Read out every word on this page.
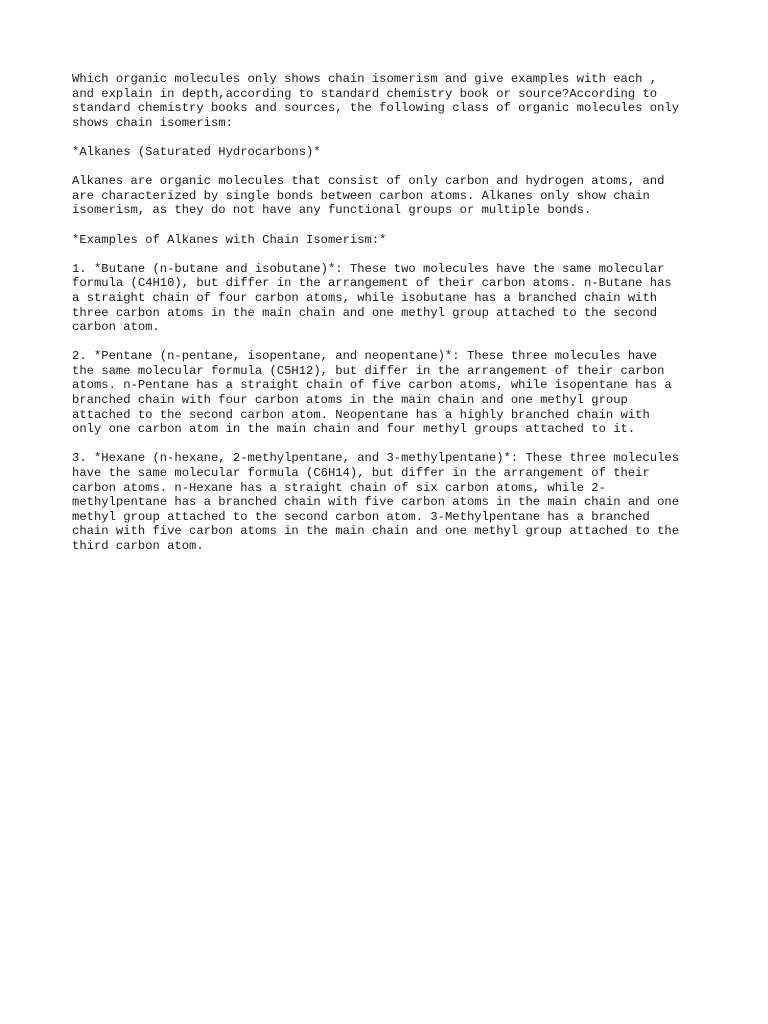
Which organic molecules only shows chain isomerism and give examples with each ,
and explain in depth,according to standard chemistry book or source?According to
standard chemistry books and sources, the following class of organic molecules only
shows chain isomerism:

*Alkanes (Saturated Hydrocarbons)*

Alkanes are organic molecules that consist of only carbon and hydrogen atoms, and
are characterized by single bonds between carbon atoms. Alkanes only show chain
isomerism, as they do not have any functional groups or multiple bonds.

*Examples of Alkanes with Chain Isomerism:*

1. *Butane (n-butane and isobutane)*: These two molecules have the same molecular
formula (C4H10), but differ in the arrangement of their carbon atoms. n-Butane has
a straight chain of four carbon atoms, while isobutane has a branched chain with
three carbon atoms in the main chain and one methyl group attached to the second
carbon atom.

2. *Pentane (n-pentane, isopentane, and neopentane)*: These three molecules have
the same molecular formula (C5H12), but differ in the arrangement of their carbon
atoms. n-Pentane has a straight chain of five carbon atoms, while isopentane has a
branched chain with four carbon atoms in the main chain and one methyl group
attached to the second carbon atom. Neopentane has a highly branched chain with
only one carbon atom in the main chain and four methyl groups attached to it.

3. *Hexane (n-hexane, 2-methylpentane, and 3-methylpentane)*: These three molecules
have the same molecular formula (C6H14), but differ in the arrangement of their
carbon atoms. n-Hexane has a straight chain of six carbon atoms, while 2-
methylpentane has a branched chain with five carbon atoms in the main chain and one
methyl group attached to the second carbon atom. 3-Methylpentane has a branched
chain with five carbon atoms in the main chain and one methyl group attached to the
third carbon atom.
